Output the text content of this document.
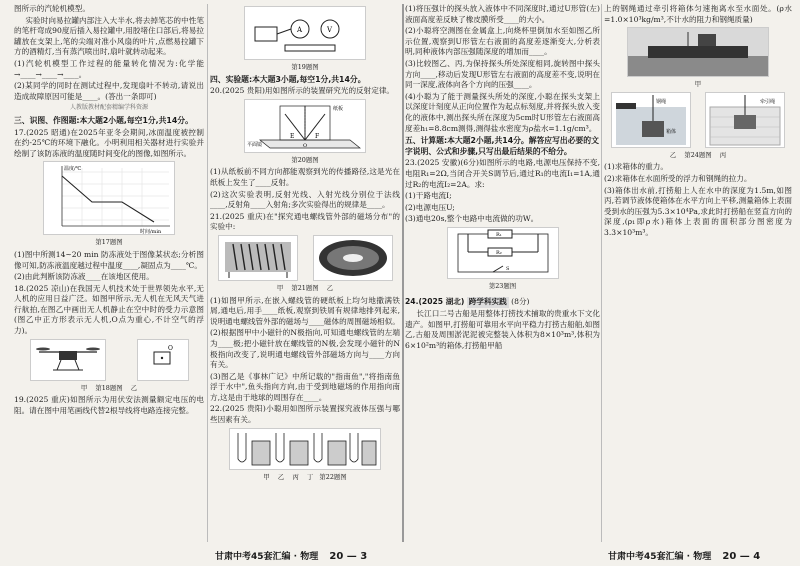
图所示的汽轮机模型。

实验时向易拉罐内部注入大半水,将去掉笔芯的中性笔的笔杆弯成90度后插入易拉罐中,用胶堵住口部后,将易拉罐放在支架上,笔的尖端对准小风扇的叶片,点燃易拉罐下方的酒精灯,当有蒸汽喷出时,扇叶就转动起来。

(1)汽轮机模型工作过程的能量转化情况为:化学能→____→____→____。

(2)某同学的同时在测试过程中,发现扇叶不转动,请说出造成故障原因可能是____。(答出一条即可)

人教版教材配套精编学科资源
三、识图、作图题:本大题2小题,每空1分,共14分。

17.(2025 昭通)在2025年亚冬会期间,冰面温度被控制在约-25℃的环境下融化。小明利用相关器材进行实验并绘制了该防冻液的温度随时间变化的图像,如图所示。

温度/℃
时间/min
第17题图

(1)图中所测14~20 min 防冻液处于图像某状态;分析图像可知,防冻液温度越过程中温度____,凝固点为____℃。

(2)由此判断该防冻液____在该地区使用。

18.(2025 凉山)在我国无人机技术处于世界领先水平,无人机的应用日益广泛。如图甲所示,无人机在无风天气进行航拍,在图乙中画出无人机静止在空中时的受力示意图(图乙中正方形表示无人机,O点为重心,不计空气的浮力)。

O
甲 第18题图 乙

19.(2025 重庆)如图所示为用伏安法测量额定电压的电阻。请在图中用笔画线代替2根导线将电路连接完整。

A	V
第19题图
四、实验题:本大题3小题,每空1分,共14分。

20.(2025 贵阳)用如图所示的装置研究光的反射定律。

E	F
O
纸板
平面镜
第20题图

(1)从纸板前不同方向都能观察到光的传播路径,这是光在纸板上发生了____反射。

(2)这次实验表明,反射光线、入射光线分别位于法线____,反射角____入射角;多次实验得出的规律是____。

21.(2025 重庆)在"探究通电螺线管外部的磁场分布"的实验中:

甲 第21题图 乙

(1)如图甲所示,在嵌入螺线管的硬纸板上均匀地撒满铁屑,通电后,用手____纸板,观察到铁屑有规律地排列起来,说明通电螺线管外部的磁场与____磁体的周围磁场相似。

(2)根据图甲中小磁针的N极指向,可知通电螺线管的左端为____极;把小磁针放在螺线管的N极,会发现小磁针的N极指向改变了,说明通电螺线管外部磁场方向与____方向有关。

(3)图乙是《事林广记》中所记载的"指南鱼","将指南鱼浮于水中",鱼头指向方向,由于受到地磁场的作用指向南方,这是由于地球的周围存在____。

22.(2025 贵阳)小聪用如图所示装置探究液体压强与哪些因素有关。

甲 乙 丙 丁 第22题图

(1)将压强计的探头放入液体中不同深度时,通过U形管(左)液面高度差反映了橡皮膜所受____的大小。

(2)小聪将空测图在金属盒上,向烧杯里倒加水至如图乙所示位置,观察到U形管左右液面的高度差逐渐变大,分析表明,同种液体内部压强随深度的增加而____。

(3)比较图乙、丙,为保持探头所处深度相同,旋转图中探头方向____,移动后发现U形管左右液面的高度差不变,说明在同一深度,液体向各个方向的压强____。

(4)小聪为了能于测量探头所处的深度,小聪在探头支架上以深度计刻度从正向位置作为起点标刻度,并将探头放入变化的液体中,测出探头所在深度为5cm时U形管左右液面高度差h₁=8.8cm测得,测得盐水密度为ρ盐水=1.1g/cm³。

五、计算题:本大题2小题,共14分。解答应写出必要的文字说明、公式和步骤,只写出最后结果的不给分。

23.(2025 安徽)(6分)如图所示的电路,电源电压保持不变,电阻R₁=2Ω,当闭合开关S调节后,通过R₁的电流I₁=1A,通过R₂的电流I₂=2A。求:

(1)干路电流I;

(2)电源电压U;

(3)通电20s,整个电路中电流做的功W。

R₁
R₂
S
第23题图

24.(2025 湖北) 跨学科实践 (8分)

长江口二号古船是用整体打捞技术捕取的贵重水下文化遗产。如图甲,打捞船可靠用水平向平稳力打捞古船舶,如图乙,古船及周围淤泥泥被完整装入体积为8×10³m³,体积为6×10²m³的箱体,打捞船甲船

上的钢绳通过牵引将箱体匀速拖离水至水面处。(ρ水=1.0×10³kg/m³,不计水的阻力和钢绳质量)

甲
箱体
钢绳	牵引绳
乙 第24题图 丙

(1)求箱体的重力。

(2)求箱体在水面所受的浮力和钢绳的拉力。

(3)箱体出水前,打捞船上人在水中的深度为1.5m,如图丙,若调节液体使箱体在水平方向上平移,测量箱体上表面受到水的压强为5.3×10⁴Pa,求此时打捞船在竖直方向的深度,(ρ₁即ρ水)箱体上表面的面积部分图密度为3.3×10³m³。

甘肃中考45套汇编 · 物理 20 — 3	甘肃中考45套汇编 · 物理 20 — 4
